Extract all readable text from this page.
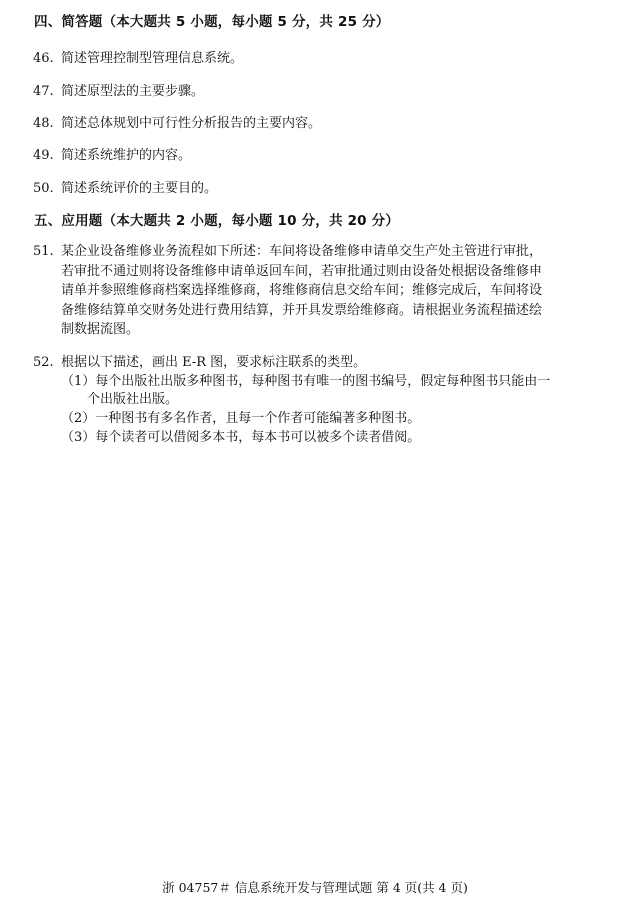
四、简答题（本大题共 5 小题，每小题 5 分，共 25 分）
46. 简述管理控制型管理信息系统。
47. 简述原型法的主要步骤。
48. 简述总体规划中可行性分析报告的主要内容。
49. 简述系统维护的内容。
50. 简述系统评价的主要目的。
五、应用题（本大题共 2 小题，每小题 10 分，共 20 分）
51. 某企业设备维修业务流程如下所述：车间将设备维修申请单交生产处主管进行审批，
若审批不通过则将设备维修申请单返回车间，若审批通过则由设备处根据设备维修申
请单并参照维修商档案选择维修商，将维修商信息交给车间；维修完成后，车间将设
备维修结算单交财务处进行费用结算，并开具发票给维修商。请根据业务流程描述绘
制数据流图。
52. 根据以下描述，画出 E-R 图，要求标注联系的类型。
（1）每个出版社出版多种图书，每种图书有唯一的图书编号，假定每种图书只能由一
个出版社出版。
（2）一种图书有多名作者，且每一个作者可能编著多种图书。
（3）每个读者可以借阅多本书，每本书可以被多个读者借阅。
浙 04757＃ 信息系统开发与管理试题 第 4 页(共 4 页)
